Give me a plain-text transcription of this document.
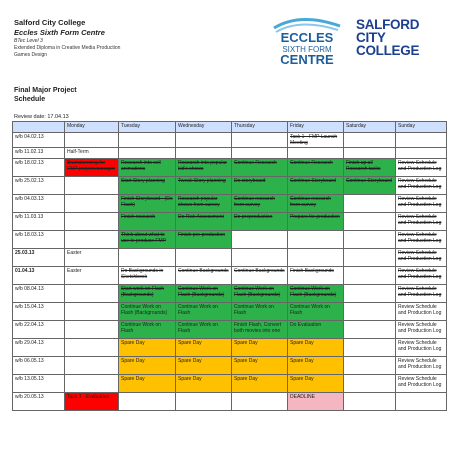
Salford City College
Eccles Sixth Form Centre
BTec Level 3
Extended Diploma in Creative Media Production
Games Design
ECCLES
SIXTH FORM
CENTRE
SALFORD
CITY
COLLEGE
Final Major Project
Schedule
Review date: 17.04.13
	Monday	Tuesday	Wednesday	Thursday	Friday	Saturday	Sunday
w/b 04.02.13					Task 1 - FMP Launch Meeting		
w/b 11.02.13	Half-Term						
w/b 18.02.13	Brainstorming for FMP project manager	Research into cell animations	Research into popular kid's shows	Continue Research	Continue Research	Finish up all Research tasks	Review Schedule and Production Log
w/b 25.02.13		Start Story planning	Tweak Story planning	Do storyboard	Continue Storyboard	Continue Storyboard	Review Schedule and Production Log
w/b 04.03.13		Finish Storyboard - (Do Flash)	Research popular shows from survey	Continue research from survey	Continue research from survey		Review Schedule and Production Log
w/b 11.03.13		Finish research	Do Risk Assessment	Do preproduction	Prepare for production		Review Schedule and Production Log
w/b 18.03.13		Think about what to use to produce FMP	Finish pre-production				Review Schedule and Production Log
25.03.13	Easter						Review Schedule and Production Log
01.04.13	Easter	Do Backgrounds in Sketchbook	Continue Backgrounds	Continue Backgrounds	Finish Backgrounds		Review Schedule and Production Log
w/b 08.04.13		Start work on Flash (Backgrounds)	Continue Work on Flash (Backgrounds)	Continue Work on Flash (Backgrounds)	Continue Work on Flash (Backgrounds)		Review Schedule and Production Log
w/b 15.04.13		Continue Work on Flash (Backgrounds)	Continue Work on Flash	Continue Work on Flash	Continue Work on Flash		Review Schedule and Production Log
w/b 22.04.13		Continue Work on Flash	Continue Work on Flash	Finish Flash, Convert both movies into one	Do Evaluation		Review Schedule and Production Log
w/b 29.04.13		Spare Day	Spare Day	Spare Day	Spare Day		Review Schedule and Production Log
w/b 06.05.13		Spare Day	Spare Day	Spare Day	Spare Day		Review Schedule and Production Log
w/b 13.05.13		Spare Day	Spare Day	Spare Day	Spare Day		Review Schedule and Production Log
w/b 20.05.13	Task 3 - Evaluation				DEADLINE		
